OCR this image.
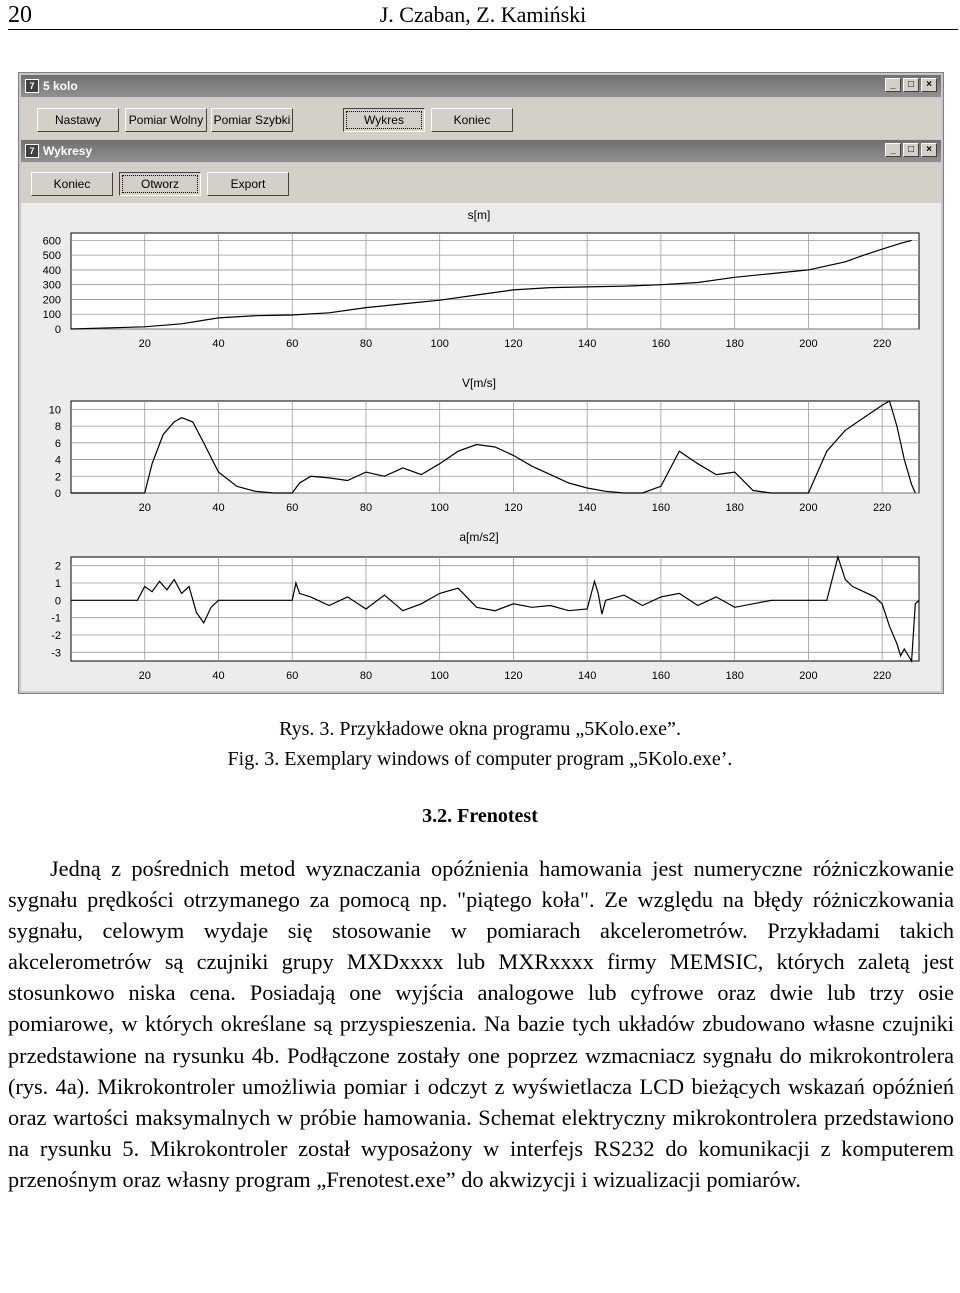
20	J. Czaban, Z. Kamiński
7 5 kolo	_	□	×
Nastawy	Pomiar Wolny Pomiar Szybki	Wykres	Koniec
7 Wykresy	_	□	×
Koniec	Otworz	Export
s[m]
20	40	60	80	100	120	140	160	180	200	220
0
100
200
300
400
500
600
V[m/s]
20	40	60	80	100	120	140	160	180	200	220
0
2
4
6
8
10
a[m/s2]
20	40	60	80	100	120	140	160	180	200	220
2
1
0
-1
-2
-3
Rys. 3. Przykładowe okna programu „5Kolo.exe”.
Fig. 3. Exemplary windows of computer program „5Kolo.exe’.
3.2. Frenotest
Jedną z pośrednich metod wyznaczania opóźnienia hamowania jest numeryczne różniczkowanie sygnału prędkości otrzymanego za pomocą np. "piątego koła". Ze względu na błędy różniczkowania sygnału, celowym wydaje się stosowanie w pomiarach akcelerometrów. Przykładami takich akcelerometrów są czujniki grupy MXDxxxx lub MXRxxxx firmy MEMSIC, których zaletą jest stosunkowo niska cena. Posiadają one wyjścia analogowe lub cyfrowe oraz dwie lub trzy osie pomiarowe, w których określane są przyspieszenia. Na bazie tych układów zbudowano własne czujniki przedstawione na rysunku 4b. Podłączone zostały one poprzez wzmacniacz sygnału do mikrokontrolera (rys. 4a). Mikrokontroler umożliwia pomiar i odczyt z wyświetlacza LCD bieżących wskazań opóźnień oraz wartości maksymalnych w próbie hamowania. Schemat elektryczny mikrokontrolera przedstawiono na rysunku 5. Mikrokontroler został wyposażony w interfejs RS232 do komunikacji z komputerem przenośnym oraz własny program „Frenotest.exe” do akwizycji i wizualizacji pomiarów.
